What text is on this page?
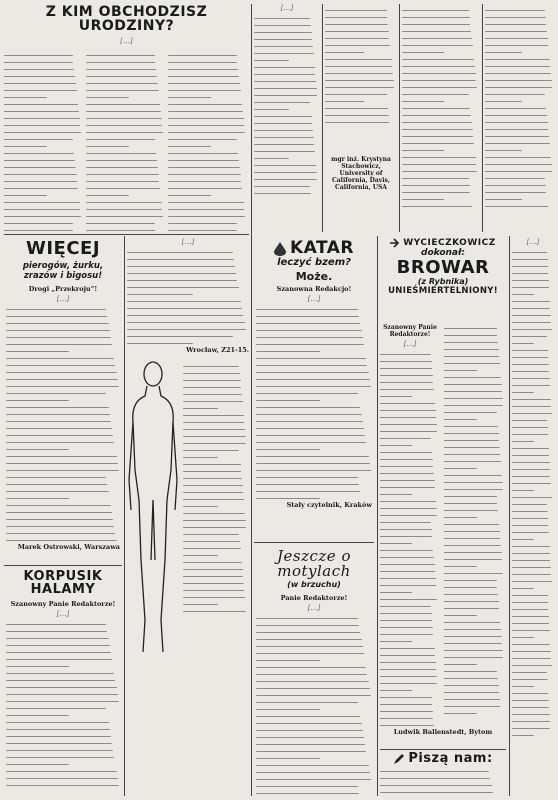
Z KIM OBCHODZISZ URODZINY?
[…]
WIĘCEJ
pierogów, żurku, zrazów i bigosu!
Drogi „Przekroju”!
[…]
Marek Ostrowski, Warszawa
KORPUSIK HALAMY
Szanowny Panie Redaktorze!
[…]
[…]
Wrocław, Z21-15.
[…]
KATAR
leczyć bzem?
Może.
Szanowna Redakcjo!
[…]
Stały czytelnik, Kraków
Jeszcze o motylach
(w brzuchu)
Panie Redaktorze!
[…]
mgr inż. Krystyna Stachowicz, University of California, Davis, California, USA
WYCIECZKOWICZ
dokonał:
BROWAR
(z Rybnika)
UNIEŚMIERTELNIONY!
Szanowny Panie Redaktorze!
[…]
Ludwik Ballenstedt, Bytom
Piszą nam:
[…]
